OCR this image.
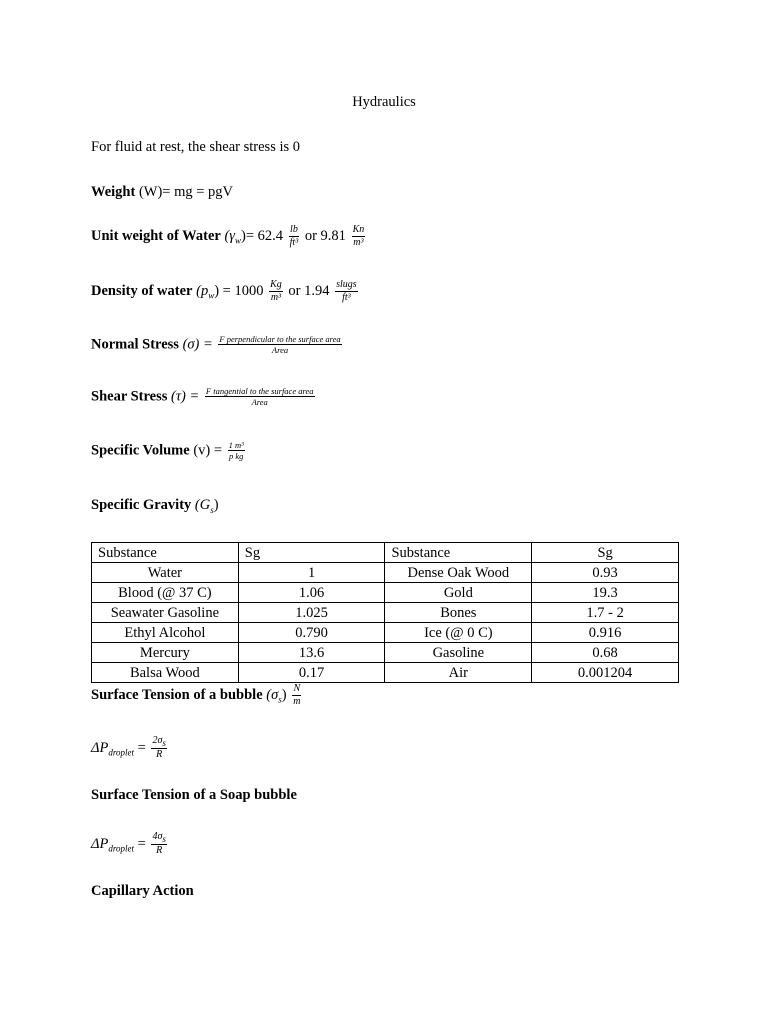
Hydraulics
For fluid at rest, the shear stress is 0
Weight (W)= mg = pgV
Unit weight of Water $(\gamma_w)= 62.4 \frac{lb}{\text{ft³}}$ or $9.81 \frac{Kn}{\text{m³}}$
Density of water $(p_w) = 1000 \frac{Kg}{\text{m³}}$ or $1.94 \frac{\text{slugs}}{\text{ft³}}$
Normal Stress $(\sigma) = \frac{\text{F perpendicular to the surface area}}{\text{Area}}$
Shear Stress $(\tau) = \frac{\text{F tangential to the surface area}}{\text{Area}}$
Specific Volume $(v) = \frac{\text{1 m³}}{\text{p kg}}$
Specific Gravity $(G_s)$
Substance	Sg	Substance	Sg
Water	1	Dense Oak Wood	0.93
Blood (@ 37 C)	1.06	Gold	19.3
Seawater Gasoline	1.025	Bones	1.7 - 2
Ethyl Alcohol	0.790	Ice (@ 0 C)	0.916
Mercury	13.6	Gasoline	0.68
Balsa Wood	0.17	Air	0.001204
Surface Tension of a bubble $(\sigma_s) \frac{N}{m}$
$\Delta P_{droplet} = \frac{2\sigma_s}{R}$
Surface Tension of a Soap bubble
$\Delta P_{droplet} = \frac{4\sigma_s}{R}$
Capillary Action
